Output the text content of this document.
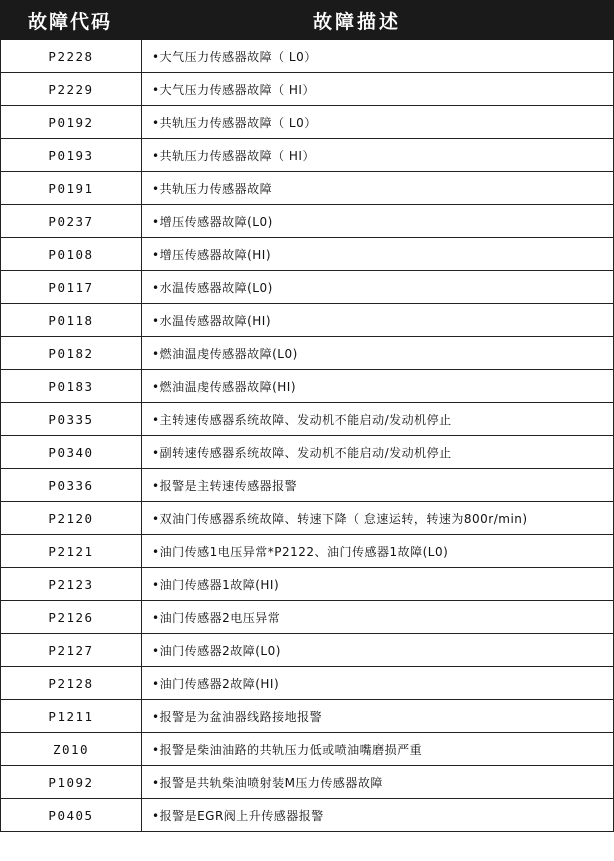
故障代码	故障描述
P2228	•大气压力传感器故障（ L0）
P2229	•大气压力传感器故障（ HI）
P0192	•共轨压力传感器故障（ L0）
P0193	•共轨压力传感器故障（ HI）
P0191	•共轨压力传感器故障
P0237	•增压传感器故障(L0)
P0108	•增压传感器故障(HI)
P0117	•水温传感器故障(L0)
P0118	•水温传感器故障(HI)
P0182	•燃油温虔传感器故障(L0)
P0183	•燃油温虔传感器故障(HI)
P0335	•主转速传感器系统故障、发动机不能启动/发动机停止
P0340	•副转速传感器系统故障、发动机不能启动/发动机停止
P0336	•报警是主转速传感器报警
P2120	•双油门传感器系统故障、转速下降（ 怠速运转，转速为800r/min)
P2121	•油门传感1电压异常*P2122、油门传感器1故障(L0)
P2123	•油门传感器1故障(HI)
P2126	•油门传感器2电压异常
P2127	•油门传感器2故障(L0)
P2128	•油门传感器2故障(HI)
P1211	•报警是为盆油器线路接地报警
Z010	•报警是柴油油路的共轨压力低或喷油嘴磨损严重
P1092	•报警是共轨柴油喷射装M压力传感器故障
P0405	•报警是EGR阀上升传感器报警
